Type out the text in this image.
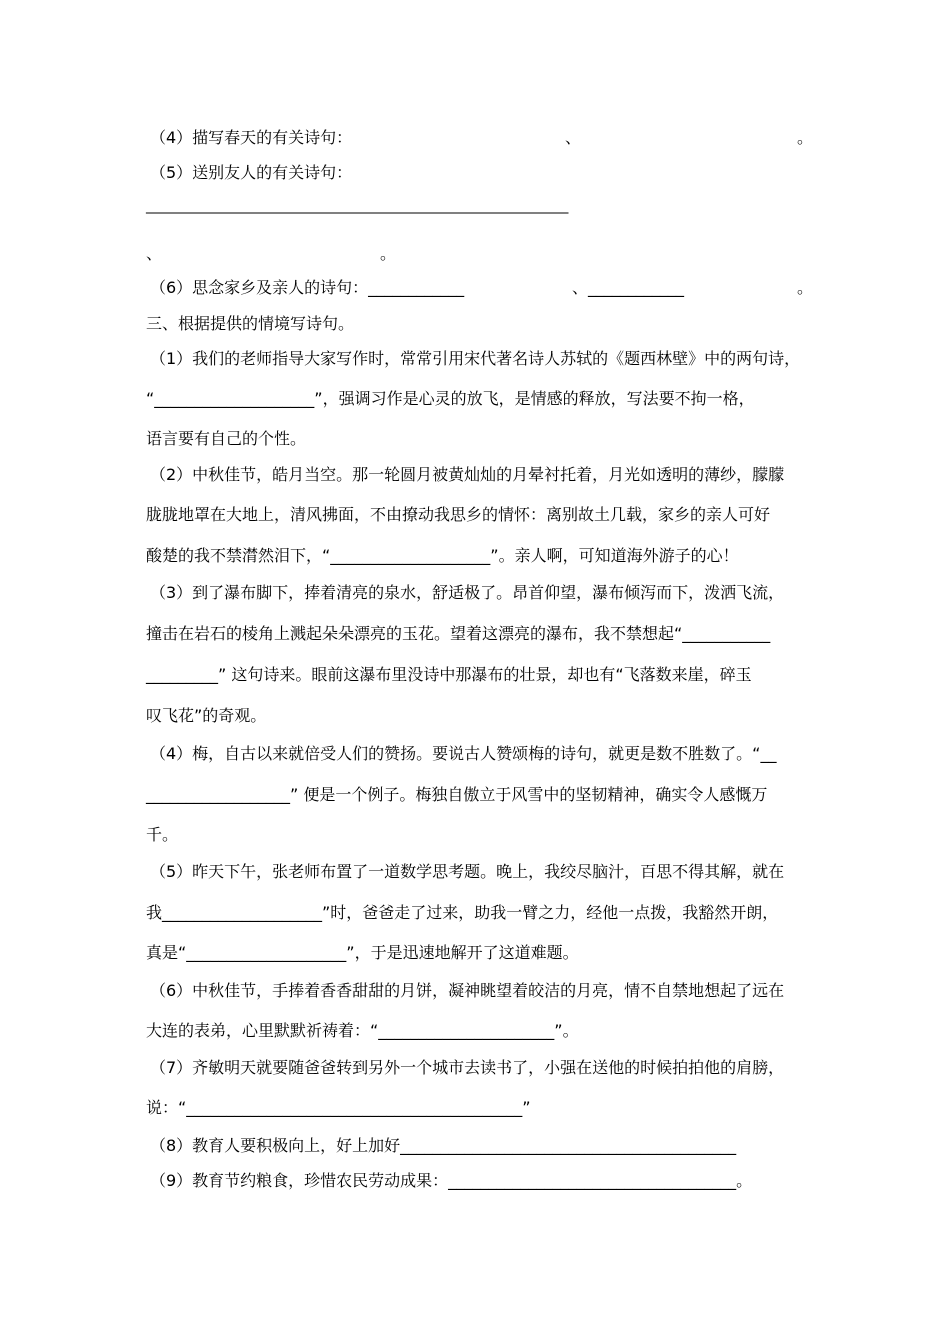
（4）描写春天的有关诗句：	、	。
（5）送别友人的有关诗句：
____________________________________________________________________
、	。
（6）思念家乡及亲人的诗句：____________	、____________	。
三、根据提供的情境写诗句。
（1）我们的老师指导大家写作时，常常引用宋代著名诗人苏轼的《题西林壁》中的两句诗，
“____________________”，强调习作是心灵的放飞，是情感的释放，写法要不拘一格，
语言要有自己的个性。
（2）中秋佳节，皓月当空。那一轮圆月被黄灿灿的月晕衬托着，月光如透明的薄纱，朦朦
胧胧地罩在大地上，清风拂面，不由撩动我思乡的情怀：离别故土几载，家乡的亲人可好
酸楚的我不禁潸然泪下，“____________________”。亲人啊，可知道海外游子的心！
（3）到了瀑布脚下，捧着清亮的泉水，舒适极了。昂首仰望，瀑布倾泻而下，泼洒飞流，
撞击在岩石的棱角上溅起朵朵漂亮的玉花。望着这漂亮的瀑布，我不禁想起“___________
_________” 这句诗来。眼前这瀑布里没诗中那瀑布的壮景，却也有“飞落数来崖，碎玉
叹飞花”的奇观。
（4）梅，自古以来就倍受人们的赞扬。要说古人赞颂梅的诗句，就更是数不胜数了。“__
__________________” 便是一个例子。梅独自傲立于风雪中的坚韧精神，确实令人感慨万
千。
（5）昨天下午，张老师布置了一道数学思考题。晚上，我绞尽脑汁，百思不得其解，就在
我____________________”时，爸爸走了过来，助我一臂之力，经他一点拨，我豁然开朗，
真是“____________________”，于是迅速地解开了这道难题。
（6）中秋佳节，手捧着香香甜甜的月饼，凝神眺望着皎洁的月亮，情不自禁地想起了远在
大连的表弟，心里默默祈祷着：“______________________”。
（7）齐敏明天就要随爸爸转到另外一个城市去读书了，小强在送他的时候拍拍他的肩膀，
说：“__________________________________________”
（8）教育人要积极向上，好上加好__________________________________________
（9）教育节约粮食，珍惜农民劳动成果：____________________________________。
